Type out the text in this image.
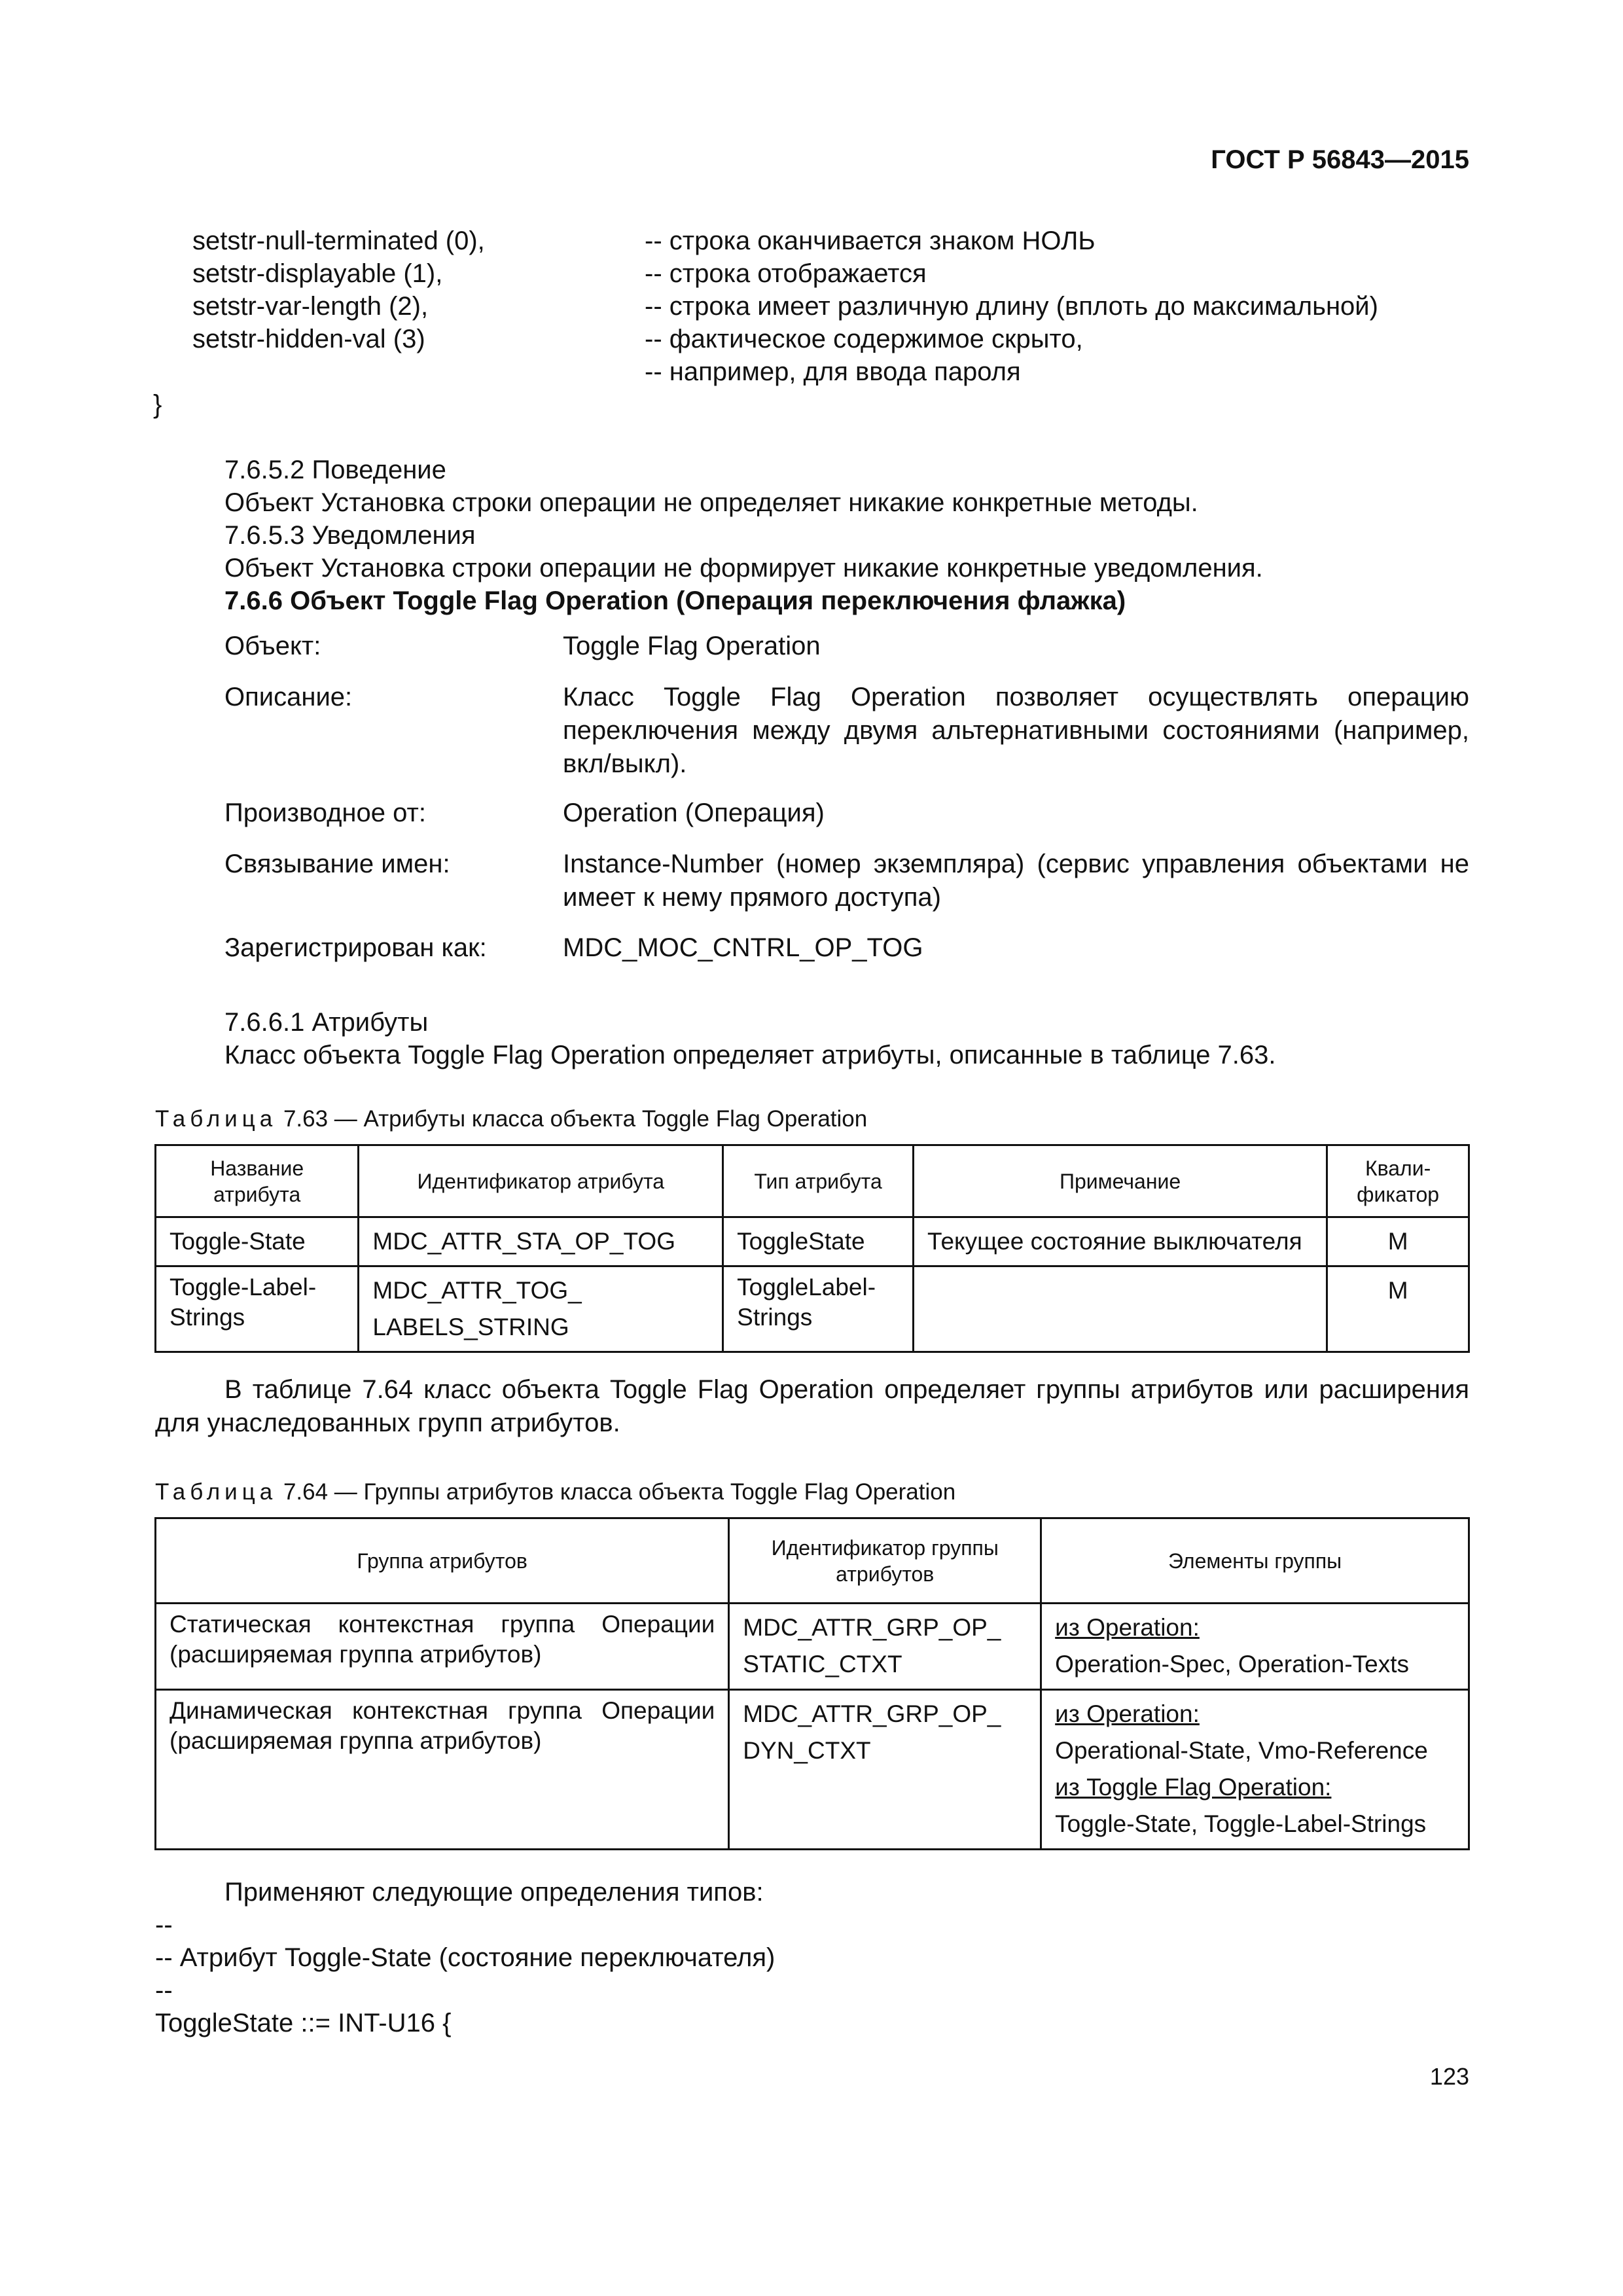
ГОСТ Р 56843—2015
setstr-null-terminated (0),	-- строка оканчивается знаком НОЛЬ
setstr-displayable (1),	-- строка отображается
setstr-var-length (2),	-- строка имеет различную длину (вплоть до максимальной)
setstr-hidden-val (3)	-- фактическое содержимое скрыто,
-- например, для ввода пароля
}
7.6.5.2 Поведение
Объект Установка строки операции не определяет никакие конкретные методы.
7.6.5.3 Уведомления
Объект Установка строки операции не формирует никакие конкретные уведомления.
7.6.6 Объект Toggle Flag Operation (Операция переключения флажка)
Объект:	Toggle Flag Operation
Описание:	Класс Toggle Flag Operation позволяет осуществлять операцию переключения между двумя альтернативными состояниями (например, вкл/выкл).
Производное от:	Operation (Операция)
Связывание имен:	Instance-Number (номер экземпляра) (сервис управления объектами не имеет к нему прямого доступа)
Зарегистрирован как:	MDC_MOC_CNTRL_OP_TOG
7.6.6.1 Атрибуты
Класс объекта Toggle Flag Operation определяет атрибуты, описанные в таблице 7.63.
Таблица 7.63 — Атрибуты класса объекта Toggle Flag Operation
Название атрибута	Идентификатор атрибута	Тип атрибута	Примечание	Квали-фикатор
Toggle-State	MDC_ATTR_STA_OP_TOG	ToggleState	Текущее состояние выключателя	M
Toggle-Label-Strings	MDC_ATTR_TOG_ LABELS_STRING	ToggleLabel-Strings		M
В таблице 7.64 класс объекта Toggle Flag Operation определяет группы атрибутов или расширения для унаследованных групп атрибутов.
Таблица 7.64 — Группы атрибутов класса объекта Toggle Flag Operation
Группа атрибутов	Идентификатор группы атрибутов	Элементы группы
Статическая контекстная группа Операции (расширяемая группа атрибутов)	MDC_ATTR_GRP_OP_ STATIC_CTXT	из Operation:
Operation-Spec, Operation-Texts

Динамическая контекстная группа Операции (расширяемая группа атрибутов)	MDC_ATTR_GRP_OP_ DYN_CTXT	из Operation:
Operational-State, Vmo-Reference
из Toggle Flag Operation:
Toggle-State, Toggle-Label-Strings
Применяют следующие определения типов:
--
-- Атрибут Toggle-State (состояние переключателя)
--
ToggleState ::= INT-U16 {
123
